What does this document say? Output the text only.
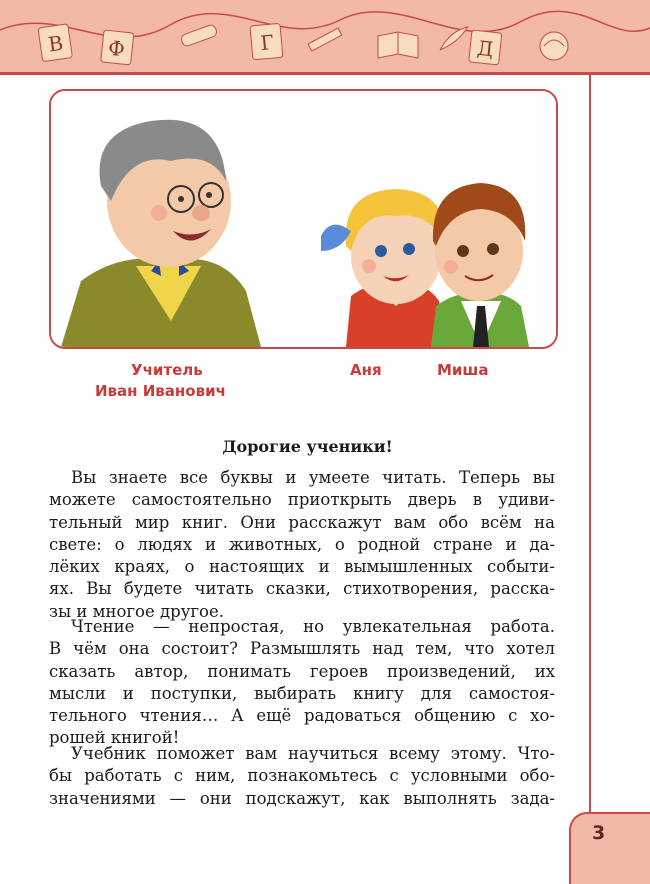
В Ф	Г	Д
Учитель
Иван Иванович
Аня	Миша
Дорогие ученики!

Вы знаете все буквы и умеете читать. Теперь вы
можете самостоятельно приоткрыть дверь в удиви-
тельный мир книг. Они расскажут вам обо всём на
свете: о людях и животных, о родной стране и да-
лёких краях, о настоящих и вымышленных событи-
ях. Вы будете читать сказки, стихотворения, расска-
зы и многое другое.

Чтение — непростая, но увлекательная работа.
В чём она состоит? Размышлять над тем, что хотел
сказать автор, понимать героев произведений, их
мысли и поступки, выбирать книгу для самостоя-
тельного чтения… А ещё радоваться общению с хо-
рошей книгой!

Учебник поможет вам научиться всему этому. Что-
бы работать с ним, познакомьтесь с условными обо-
значениями — они подскажут, как выполнять зада-

3
